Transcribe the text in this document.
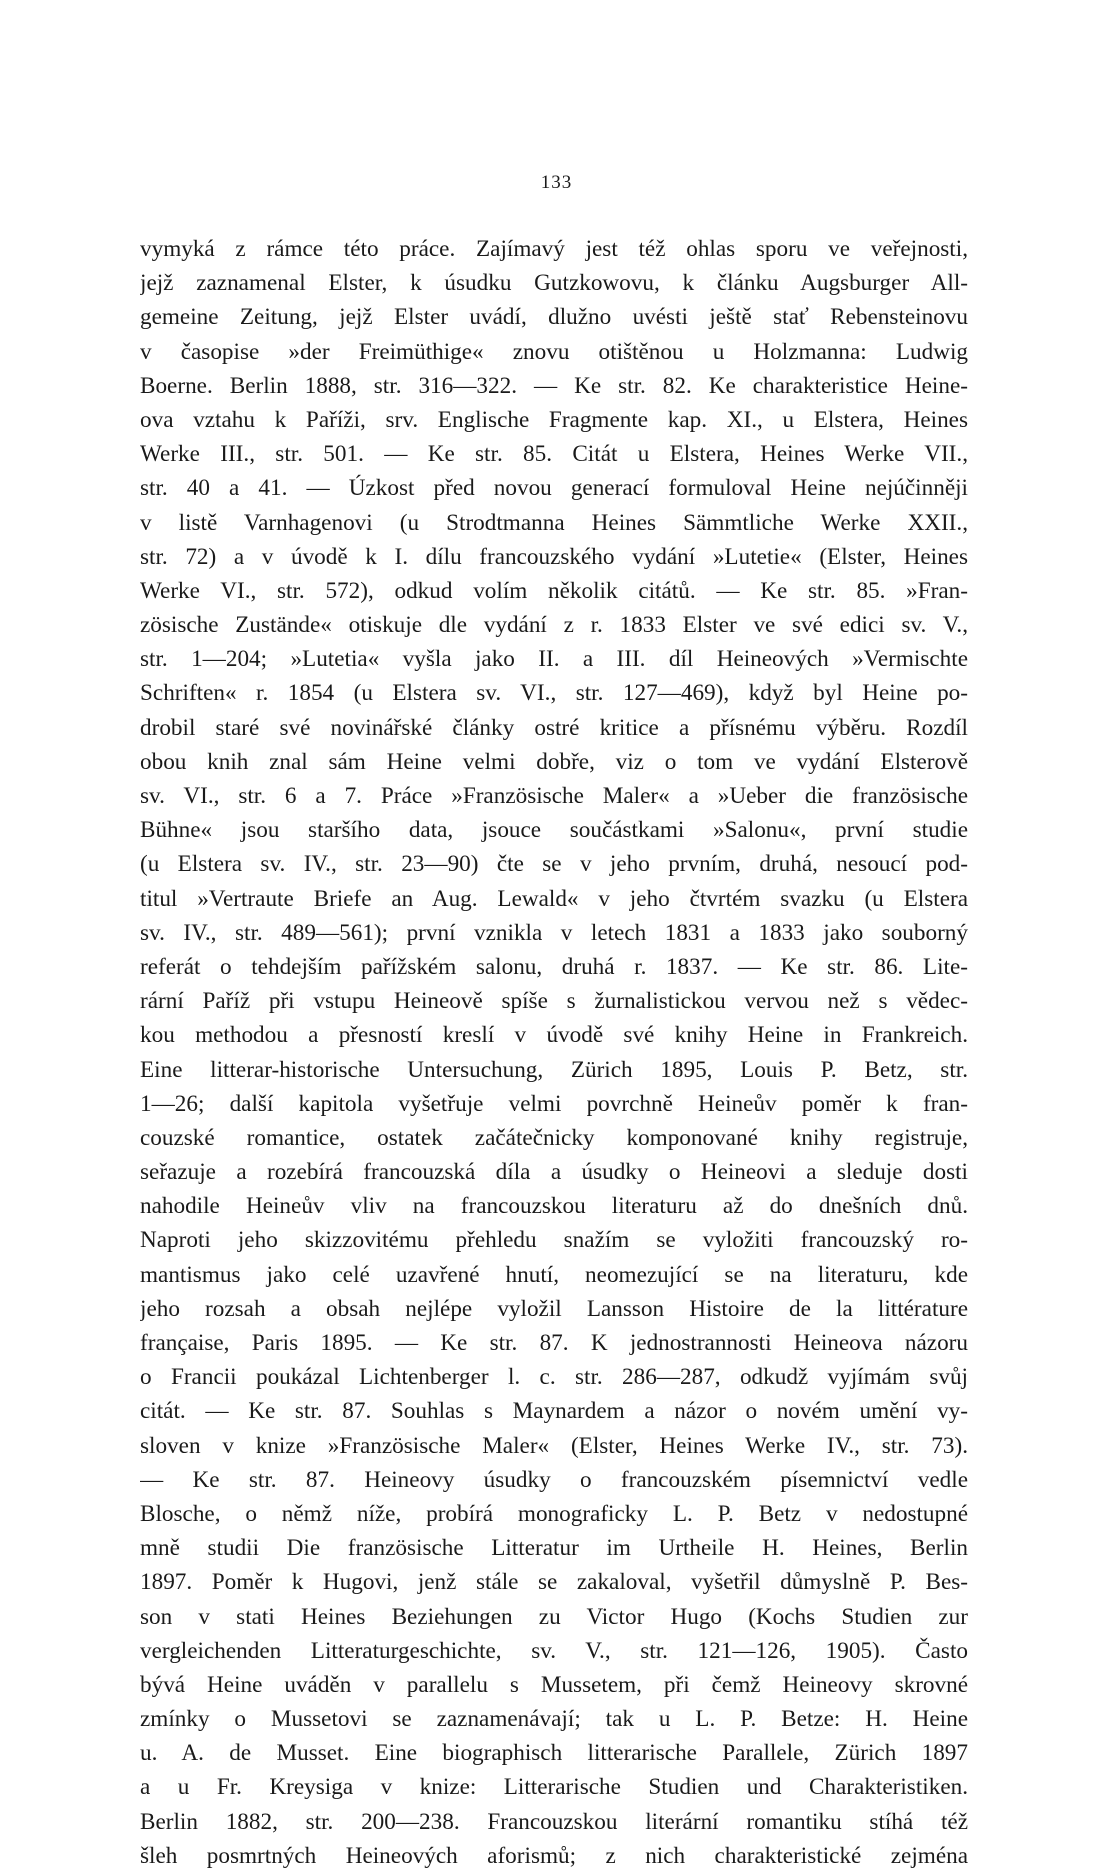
133
vymyká z rámce této práce. Zajímavý jest též ohlas sporu ve veřejnosti,
jejž zaznamenal Elster, k úsudku Gutzkowovu, k článku Augsburger All-
gemeine Zeitung, jejž Elster uvádí, dlužno uvésti ještě stať Rebensteinovu
v časopise »der Freimüthige« znovu otištěnou u Holzmanna: Ludwig
Boerne. Berlin 1888, str. 316—322. — Ke str. 82. Ke charakteristice Heine-
ova vztahu k Paříži, srv. Englische Fragmente kap. XI., u Elstera, Heines
Werke III., str. 501. — Ke str. 85. Citát u Elstera, Heines Werke VII.,
str. 40 a 41. — Úzkost před novou generací formuloval Heine nejúčinněji
v listě Varnhagenovi (u Strodtmanna Heines Sämmtliche Werke XXII.,
str. 72) a v úvodě k I. dílu francouzského vydání »Lutetie« (Elster, Heines
Werke VI., str. 572), odkud volím několik citátů. — Ke str. 85. »Fran-
zösische Zustände« otiskuje dle vydání z r. 1833 Elster ve své edici sv. V.,
str. 1—204; »Lutetia« vyšla jako II. a III. díl Heineových »Vermischte
Schriften« r. 1854 (u Elstera sv. VI., str. 127—469), když byl Heine po-
drobil staré své novinářské články ostré kritice a přísnému výběru. Rozdíl
obou knih znal sám Heine velmi dobře, viz o tom ve vydání Elsterově
sv. VI., str. 6 a 7. Práce »Französische Maler« a »Ueber die französische
Bühne« jsou staršího data, jsouce součástkami »Salonu«, první studie
(u Elstera sv. IV., str. 23—90) čte se v jeho prvním, druhá, nesoucí pod-
titul »Vertraute Briefe an Aug. Lewald« v jeho čtvrtém svazku (u Elstera
sv. IV., str. 489—561); první vznikla v letech 1831 a 1833 jako souborný
referát o tehdejším pařížském salonu, druhá r. 1837. — Ke str. 86. Lite-
rární Paříž při vstupu Heineově spíše s žurnalistickou vervou než s vědec-
kou methodou a přesností kreslí v úvodě své knihy Heine in Frankreich.
Eine litterar-historische Untersuchung, Zürich 1895, Louis P. Betz, str.
1—26; další kapitola vyšetřuje velmi povrchně Heineův poměr k fran-
couzské romantice, ostatek začátečnicky komponované knihy registruje,
seřazuje a rozebírá francouzská díla a úsudky o Heineovi a sleduje dosti
nahodile Heineův vliv na francouzskou literaturu až do dnešních dnů.
Naproti jeho skizzovitému přehledu snažím se vyložiti francouzský ro-
mantismus jako celé uzavřené hnutí, neomezující se na literaturu, kde
jeho rozsah a obsah nejlépe vyložil Lansson Histoire de la littérature
française, Paris 1895. — Ke str. 87. K jednostrannosti Heineova názoru
o Francii poukázal Lichtenberger l. c. str. 286—287, odkudž vyjímám svůj
citát. — Ke str. 87. Souhlas s Maynardem a názor o novém umění vy-
sloven v knize »Französische Maler« (Elster, Heines Werke IV., str. 73).
— Ke str. 87. Heineovy úsudky o francouzském písemnictví vedle
Blosche, o němž níže, probírá monograficky L. P. Betz v nedostupné
mně studii Die französische Litteratur im Urtheile H. Heines, Berlin
1897. Poměr k Hugovi, jenž stále se zakaloval, vyšetřil důmyslně P. Bes-
son v stati Heines Beziehungen zu Victor Hugo (Kochs Studien zur
vergleichenden Litteraturgeschichte, sv. V., str. 121—126, 1905). Často
bývá Heine uváděn v parallelu s Mussetem, při čemž Heineovy skrovné
zmínky o Mussetovi se zaznamenávají; tak u L. P. Betze: H. Heine
u. A. de Musset. Eine biographisch litterarische Parallele, Zürich 1897
a u Fr. Kreysiga v knize: Litterarische Studien und Charakteristiken.
Berlin 1882, str. 200—238. Francouzskou literární romantiku stíhá též
šleh posmrtných Heineových aforismů; z nich charakteristické zejména
